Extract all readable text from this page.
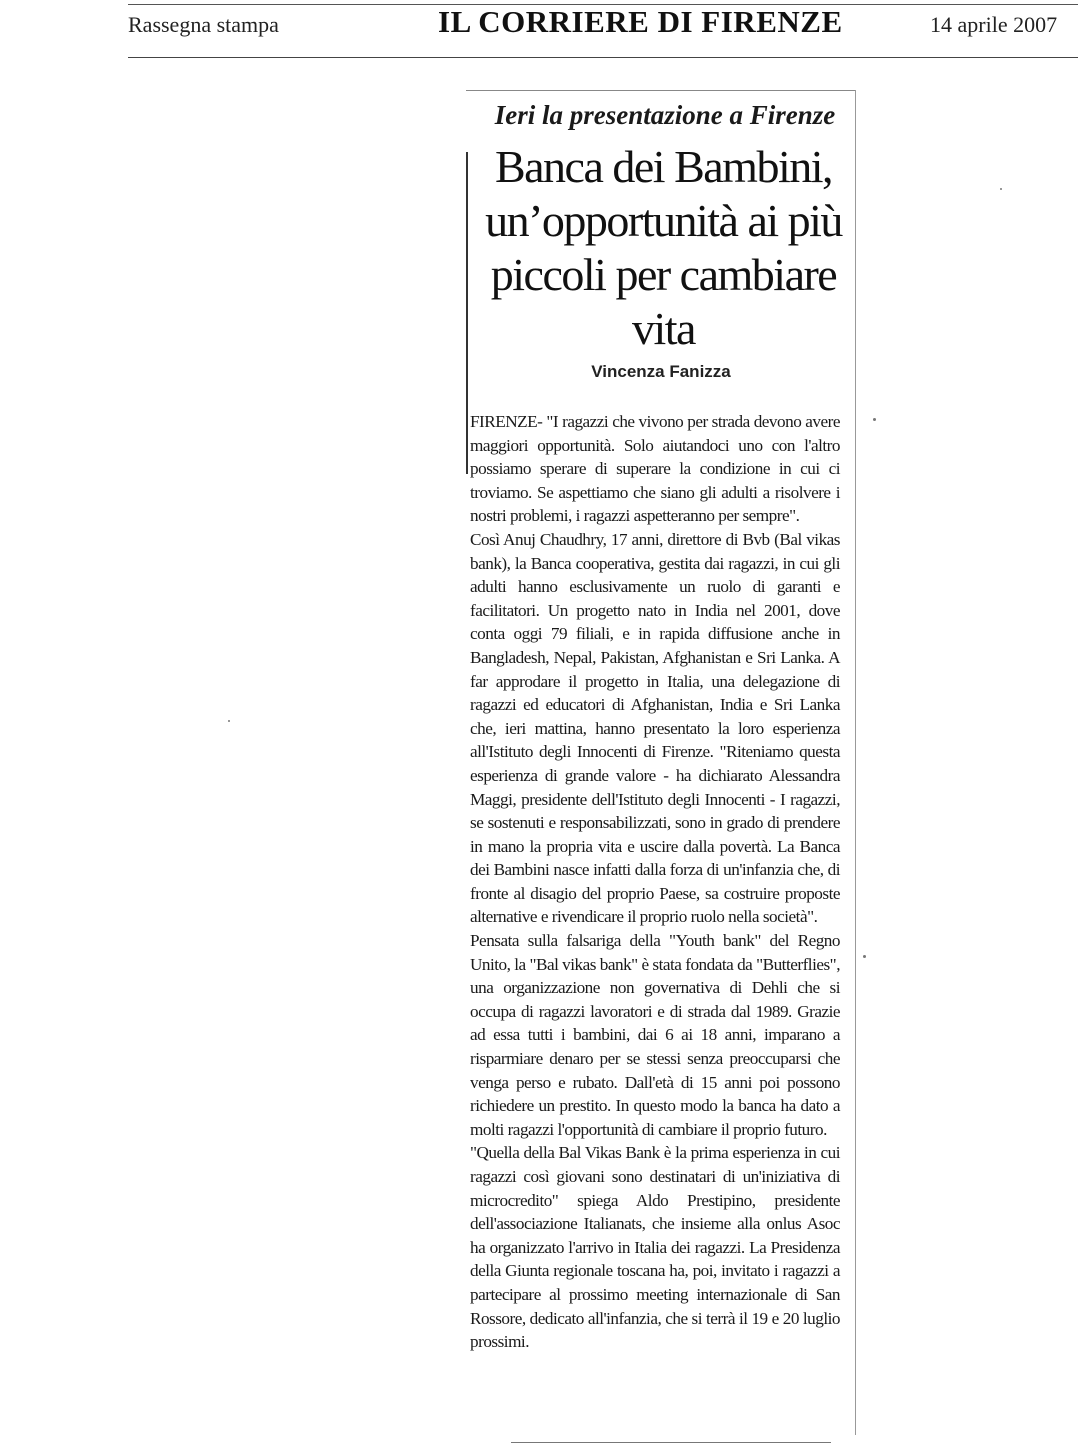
Rassegna stampa	IL CORRIERE DI FIRENZE	14 aprile 2007
Ieri la presentazione a Firenze
Banca dei Bambini, un’opportunità ai più piccoli per cambiare vita
Vincenza Fanizza

FIRENZE- "I ragazzi che vivono per strada devono avere maggiori opportunità. Solo aiutandoci uno con l'altro possiamo sperare di superare la condizione in cui ci troviamo. Se aspettiamo che siano gli adulti a risolvere i nostri problemi, i ragazzi aspetteranno per sempre".

Così Anuj Chaudhry, 17 anni, direttore di Bvb (Bal vikas bank), la Banca cooperativa, gestita dai ragazzi, in cui gli adulti hanno esclusivamente un ruolo di garanti e facilitatori. Un progetto nato in India nel 2001, dove conta oggi 79 filiali, e in rapida diffusione anche in Bangladesh, Nepal, Pakistan, Afghanistan e Sri Lanka. A far approdare il progetto in Italia, una delegazione di ragazzi ed educatori di Afghanistan, India e Sri Lanka che, ieri mattina, hanno presentato la loro esperienza all'Istituto degli Innocenti di Firenze. "Riteniamo questa esperienza di grande valore - ha dichiarato Alessandra Maggi, presidente dell'Istituto degli Innocenti - I ragazzi, se sostenuti e responsabilizzati, sono in grado di prendere in mano la propria vita e uscire dalla povertà. La Banca dei Bambini nasce infatti dalla forza di un'infanzia che, di fronte al disagio del proprio Paese, sa costruire proposte alternative e rivendicare il proprio ruolo nella società".

Pensata sulla falsariga della "Youth bank" del Regno Unito, la "Bal vikas bank" è stata fondata da "Butterflies", una organizzazione non governativa di Dehli che si occupa di ragazzi lavoratori e di strada dal 1989. Grazie ad essa tutti i bambini, dai 6 ai 18 anni, imparano a risparmiare denaro per se stessi senza preoccuparsi che venga perso e rubato. Dall'età di 15 anni poi possono richiedere un prestito. In questo modo la banca ha dato a molti ragazzi l'opportunità di cambiare il proprio futuro.

"Quella della Bal Vikas Bank è la prima esperienza in cui ragazzi così giovani sono destinatari di un'iniziativa di microcredito" spiega Aldo Prestipino, presidente dell'associazione Italianats, che insieme alla onlus Asoc ha organizzato l'arrivo in Italia dei ragazzi. La Presidenza della Giunta regionale toscana ha, poi, invitato i ragazzi a partecipare al prossimo meeting internazionale di San Rossore, dedicato all'infanzia, che si terrà il 19 e 20 luglio prossimi.
